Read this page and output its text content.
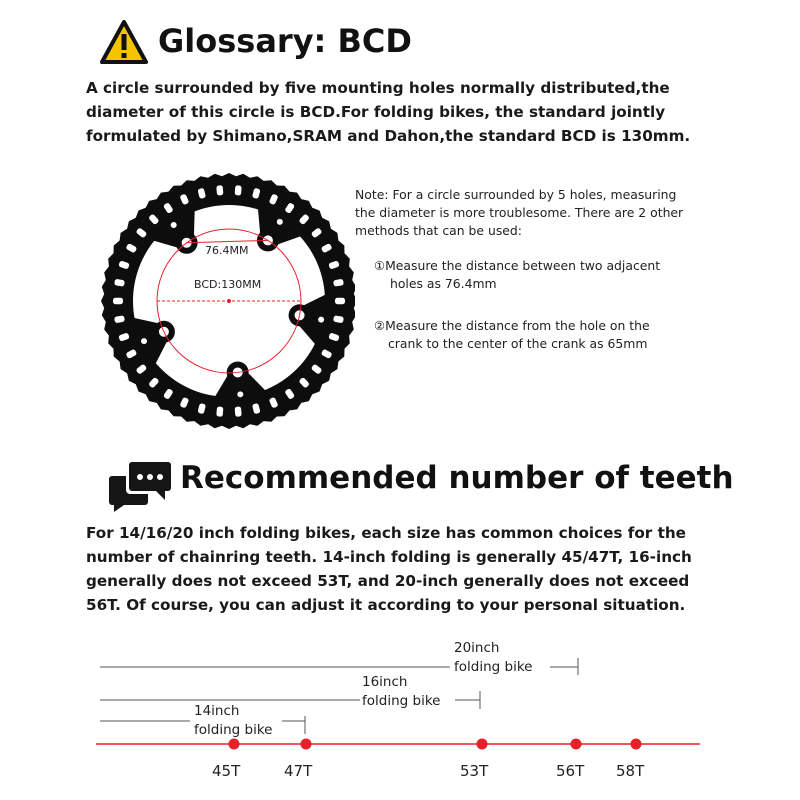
Glossary: BCD
A circle surrounded by five mounting holes normally distributed,the
diameter of this circle is BCD.For folding bikes, the standard jointly
formulated by Shimano,SRAM and Dahon,the standard BCD is 130mm.
76.4MM
BCD:130MM
Note: For a circle surrounded by 5 holes, measuring
the diameter is more troublesome. There are 2 other
methods that can be used:
①Measure the distance between two adjacent
holes as 76.4mm
②Measure the distance from the hole on the
crank to the center of the crank as 65mm
Recommended number of teeth
For 14/16/20 inch folding bikes, each size has common choices for the
number of chainring teeth. 14-inch folding is generally 45/47T, 16-inch
generally does not exceed 53T, and 20-inch generally does not exceed
56T. Of course, you can adjust it according to your personal situation.
20inch
folding bike
16inch
folding bike
14inch
folding bike
45T	47T	53T	56T 58T
